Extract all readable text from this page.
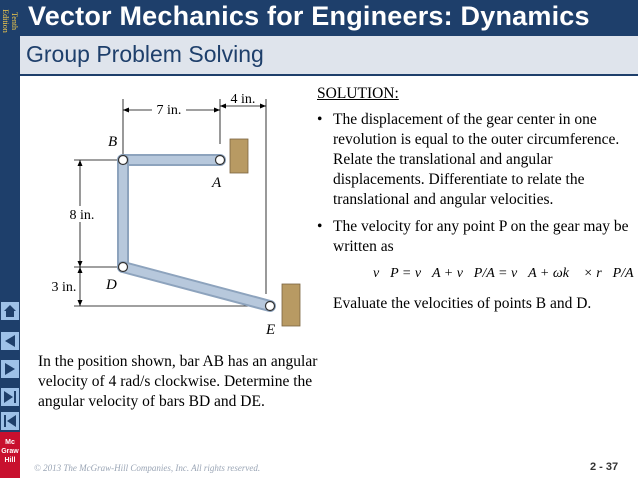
Tenth Edition Vector Mechanics for Engineers: Dynamics
Group Problem Solving
Mc Graw Hill
7 in.
4 in.
8 in.
3 in.
B
A
D
E
SOLUTION:
• The displacement of the gear center in one revolution is equal to the outer circumference. Relate the translational and angular displacements. Differentiate to relate the translational and angular velocities.
• The velocity for any point P on the gear may be written as
v⃗P = v⃗A + v⃗P/A = v⃗A + ωk⃗ × r⃗P/A
Evaluate the velocities of points B and D.
In the position shown, bar AB has an angular velocity of 4 rad/s clockwise. Determine the angular velocity of bars BD and DE.
© 2013 The McGraw-Hill Companies, Inc. All rights reserved.	2 - 37
